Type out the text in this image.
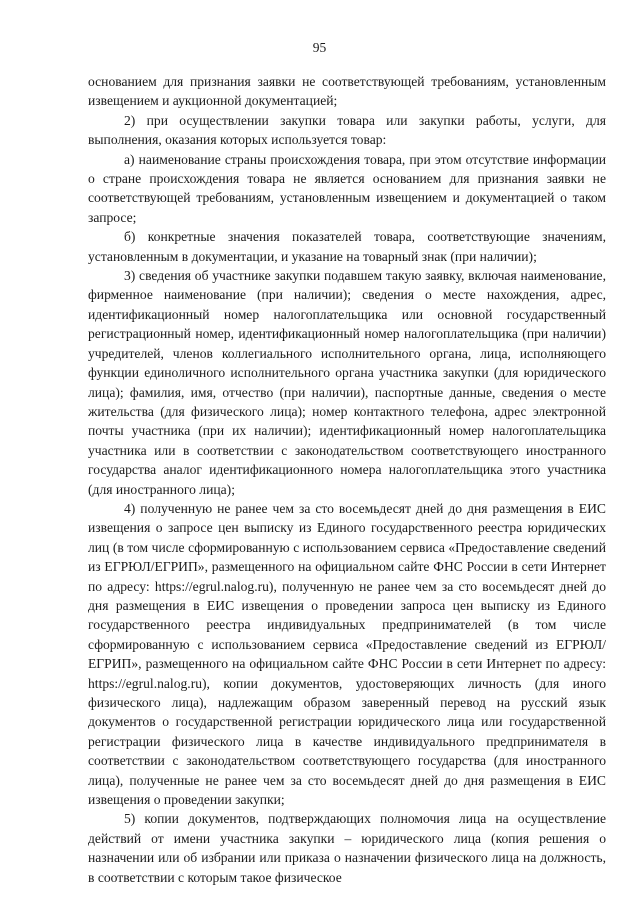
95

основанием для признания заявки не соответствующей требованиям, установленным извещением и аукционной документацией;

2) при осуществлении закупки товара или закупки работы, услуги, для выполнения, оказания которых используется товар:

а) наименование страны происхождения товара, при этом отсутствие информации о стране происхождения товара не является основанием для признания заявки не соответствующей требованиям, установленным извещением и документацией о таком запросе;

б) конкретные значения показателей товара, соответствующие значениям, установленным в документации, и указание на товарный знак (при наличии);

3) сведения об участнике закупки подавшем такую заявку, включая наименование, фирменное наименование (при наличии); сведения о месте нахождения, адрес, идентификационный номер налогоплательщика или основной государственный регистрационный номер, идентификационный номер налогоплательщика (при наличии) учредителей, членов коллегиального исполнительного органа, лица, исполняющего функции единоличного исполнительного органа участника закупки (для юридического лица); фамилия, имя, отчество (при наличии), паспортные данные, сведения о месте жительства (для физического лица); номер контактного телефона, адрес электронной почты участника (при их наличии); идентификационный номер налогоплательщика участника или в соответствии с законодательством соответствующего иностранного государства аналог идентификационного номера налогоплательщика этого участника (для иностранного лица);

4) полученную не ранее чем за сто восемьдесят дней до дня размещения в ЕИС извещения о запросе цен выписку из Единого государственного реестра юридических лиц (в том числе сформированную с использованием сервиса «Предоставление сведений из ЕГРЮЛ/ЕГРИП», размещенного на официальном сайте ФНС России в сети Интернет по адресу: https://egrul.nalog.ru), полученную не ранее чем за сто восемьдесят дней до дня размещения в ЕИС извещения о проведении запроса цен выписку из Единого государственного реестра индивидуальных предпринимателей (в том числе сформированную с использованием сервиса «Предоставление сведений из ЕГРЮЛ/ЕГРИП», размещенного на официальном сайте ФНС России в сети Интернет по адресу: https://egrul.nalog.ru), копии документов, удостоверяющих личность (для иного физического лица), надлежащим образом заверенный перевод на русский язык документов о государственной регистрации юридического лица или государственной регистрации физического лица в качестве индивидуального предпринимателя в соответствии с законодательством соответствующего государства (для иностранного лица), полученные не ранее чем за сто восемьдесят дней до дня размещения в ЕИС извещения о проведении закупки;

5) копии документов, подтверждающих полномочия лица на осуществление действий от имени участника закупки – юридического лица (копия решения о назначении или об избрании или приказа о назначении физического лица на должность, в соответствии с которым такое физическое
